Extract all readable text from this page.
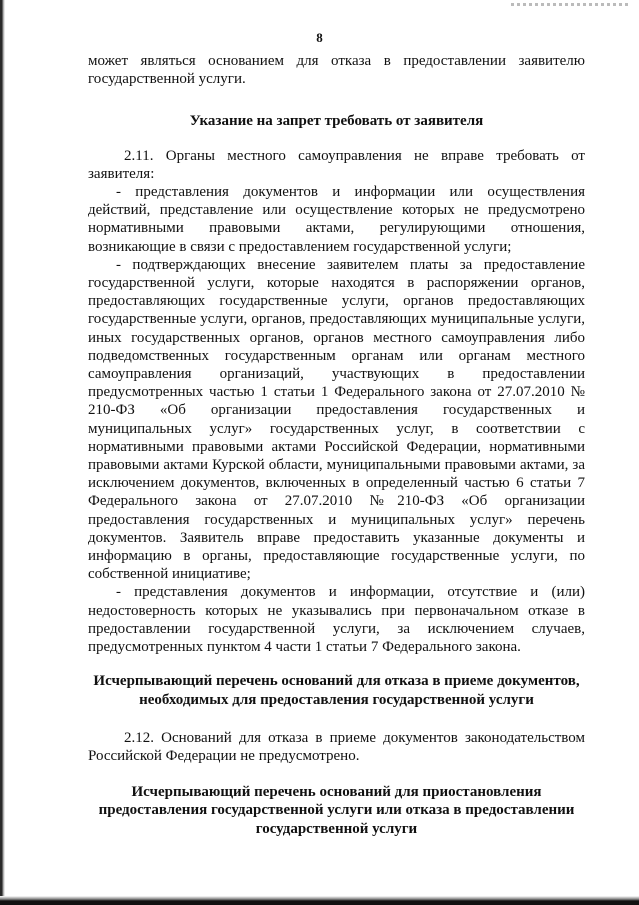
8

может являться основанием для отказа в предоставлении заявителю государственной услуги.

Указание на запрет требовать от заявителя

2.11. Органы местного самоуправления не вправе требовать от заявителя:

- представления документов и информации или осуществления действий, представление или осуществление которых не предусмотрено нормативными правовыми актами, регулирующими отношения, возникающие в связи с предоставлением государственной услуги;

- подтверждающих внесение заявителем платы за предоставление государственной услуги, которые находятся в распоряжении органов, предоставляющих государственные услуги, органов предоставляющих государственные услуги, органов, предоставляющих муниципальные услуги, иных государственных органов, органов местного самоуправления либо подведомственных государственным органам или органам местного самоуправления организаций, участвующих в предоставлении предусмотренных частью 1 статьи 1 Федерального закона от 27.07.2010 № 210-ФЗ «Об организации предоставления государственных и муниципальных услуг» государственных услуг, в соответствии с нормативными правовыми актами Российской Федерации, нормативными правовыми актами Курской области, муниципальными правовыми актами, за исключением документов, включенных в определенный частью 6 статьи 7 Федерального закона от 27.07.2010 №210-ФЗ «Об организации предоставления государственных и муниципальных услуг» перечень документов. Заявитель вправе предоставить указанные документы и информацию в органы, предоставляющие государственные услуги, по собственной инициативе;

- представления документов и информации, отсутствие и (или) недостоверность которых не указывались при первоначальном отказе в предоставлении государственной услуги, за исключением случаев, предусмотренных пунктом 4 части 1 статьи 7 Федерального закона.

Исчерпывающий перечень оснований для отказа в приеме документов, необходимых для предоставления государственной услуги

2.12. Оснований для отказа в приеме документов законодательством Российской Федерации не предусмотрено.

Исчерпывающий перечень оснований для приостановления предоставления государственной услуги или отказа в предоставлении государственной услуги
